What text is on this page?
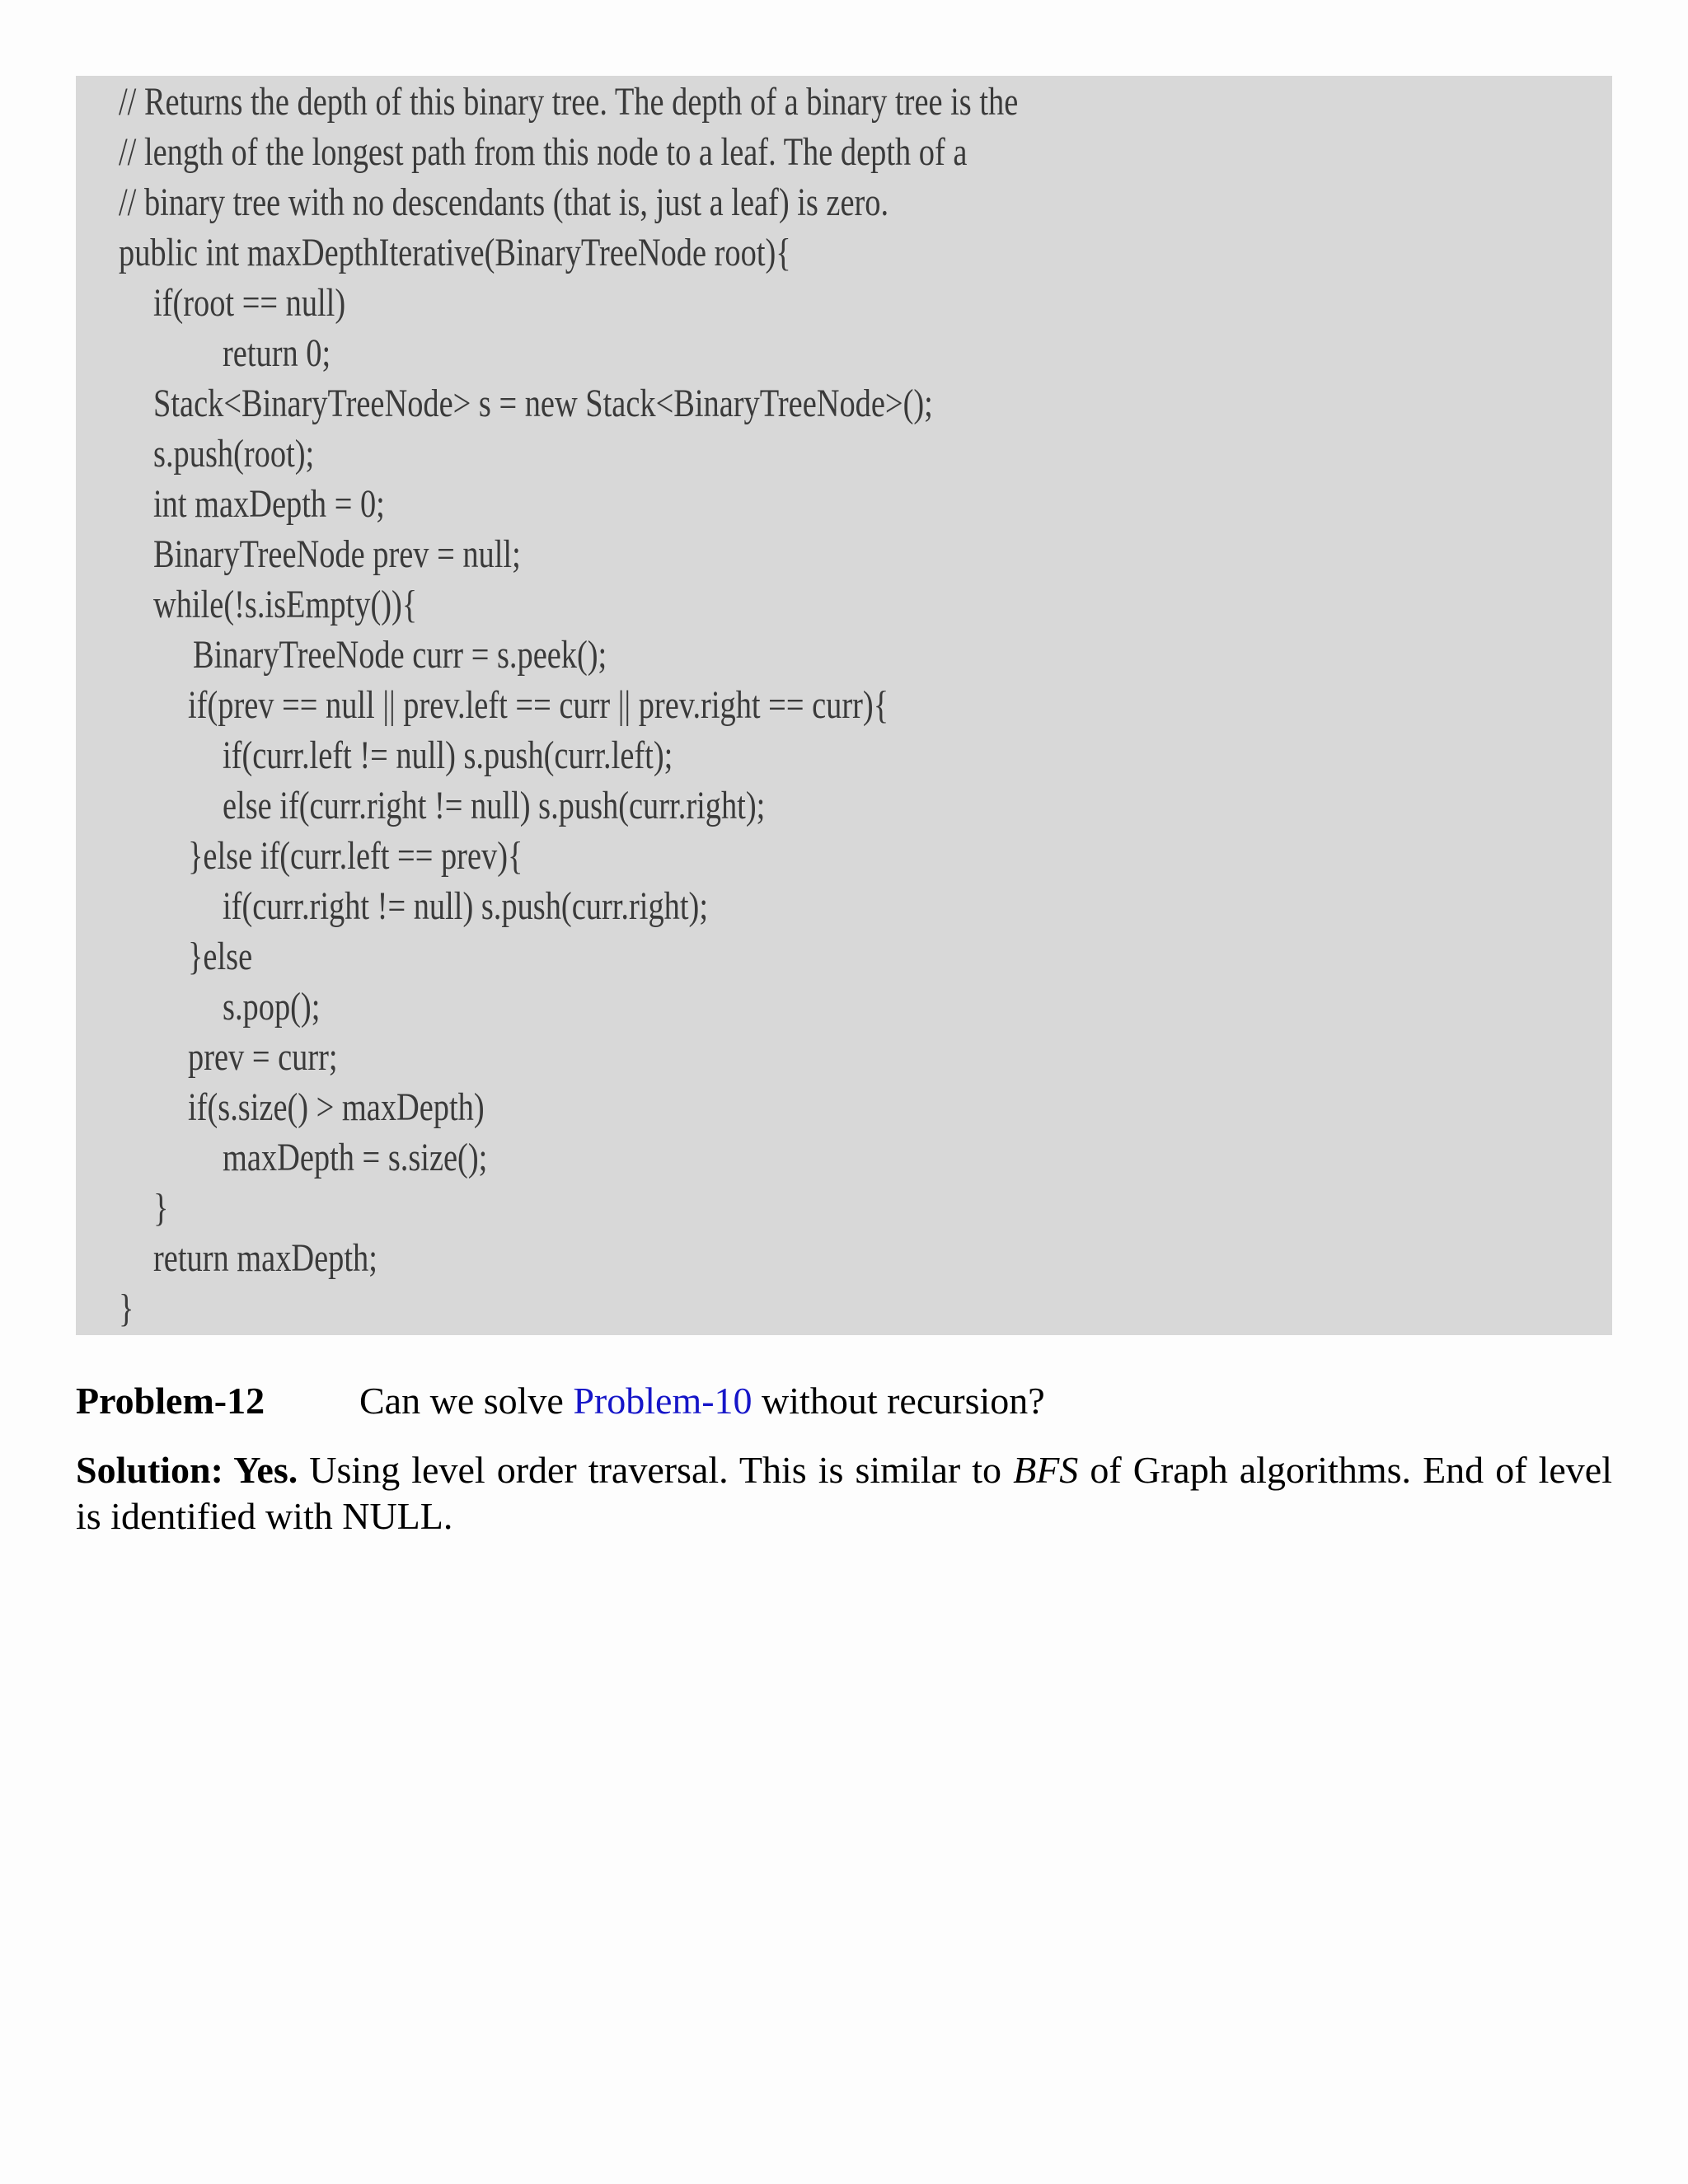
// Returns the depth of this binary tree. The depth of a binary tree is the
// length of the longest path from this node to a leaf. The depth of a
// binary tree with no descendants (that is, just a leaf) is zero.
public int maxDepthIterative(BinaryTreeNode root){
if(root == null)
return 0;
Stack<BinaryTreeNode> s = new Stack<BinaryTreeNode>();
s.push(root);
int maxDepth = 0;
BinaryTreeNode prev = null;
while(!s.isEmpty()){
BinaryTreeNode curr = s.peek();
if(prev == null || prev.left == curr || prev.right == curr){
if(curr.left != null) s.push(curr.left);
else if(curr.right != null) s.push(curr.right);
}else if(curr.left == prev){
if(curr.right != null) s.push(curr.right);
}else
s.pop();
prev = curr;
if(s.size() > maxDepth)
maxDepth = s.size();
}
return maxDepth;
}
Problem-12 Can we solve Problem-10 without recursion?
Solution: Yes. Using level order traversal. This is similar to BFS of Graph algorithms. End of level is identified with NULL.
